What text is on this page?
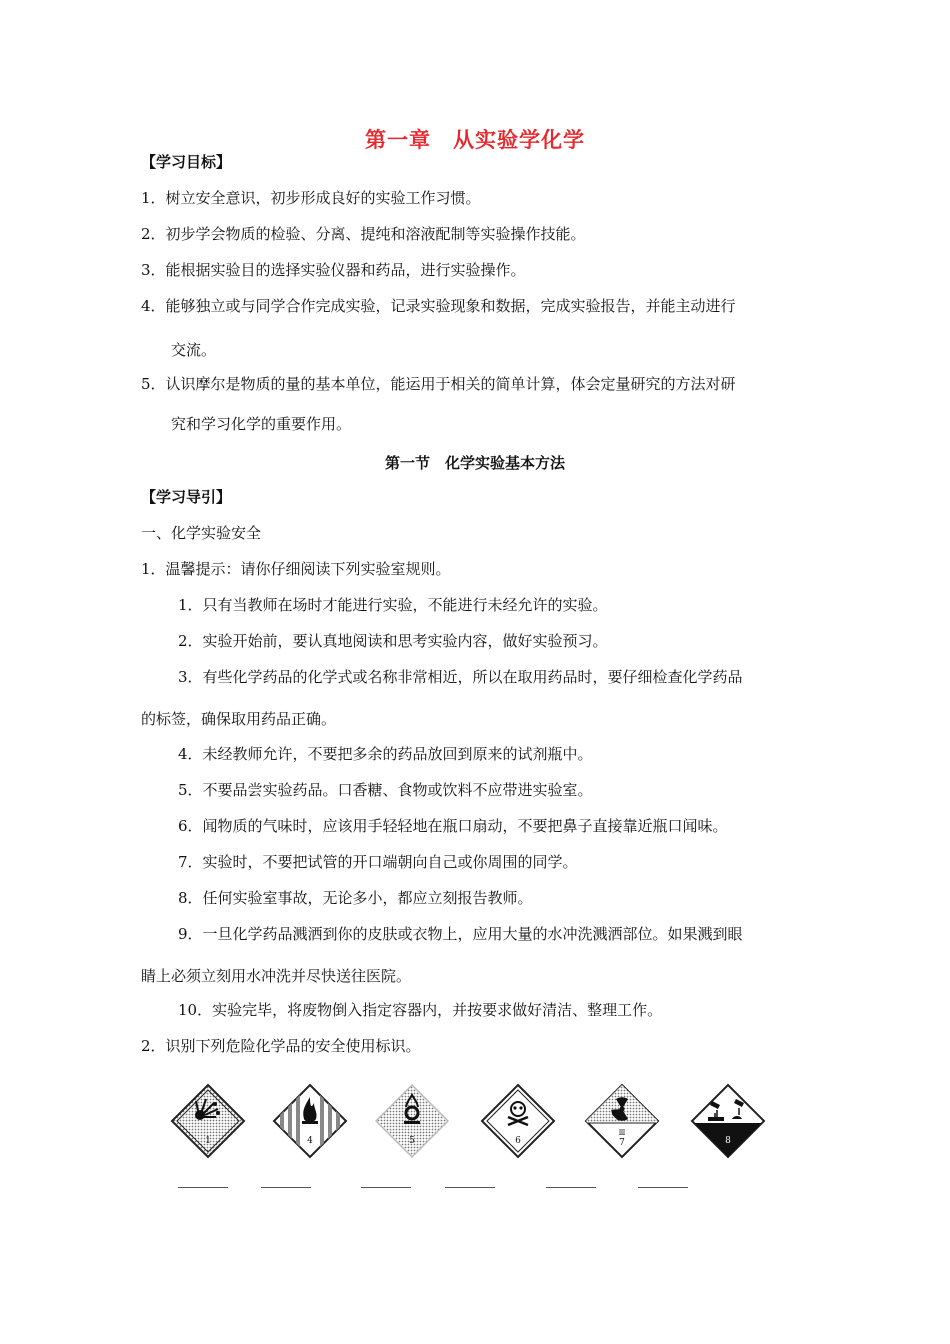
第一章　从实验学化学
【学习目标】
1．树立安全意识，初步形成良好的实验工作习惯。
2．初步学会物质的检验、分离、提纯和溶液配制等实验操作技能。
3．能根据实验目的选择实验仪器和药品，进行实验操作。
4．能够独立或与同学合作完成实验，记录实验现象和数据，完成实验报告，并能主动进行
交流。
5．认识摩尔是物质的量的基本单位，能运用于相关的简单计算，体会定量研究的方法对研
究和学习化学的重要作用。
第一节　化学实验基本方法
【学习导引】
一、化学实验安全
1．温馨提示：请你仔细阅读下列实验室规则。
1．只有当教师在场时才能进行实验，不能进行未经允许的实验。
2．实验开始前，要认真地阅读和思考实验内容，做好实验预习。
3．有些化学药品的化学式或名称非常相近，所以在取用药品时，要仔细检查化学药品
的标签，确保取用药品正确。
4．未经教师允许，不要把多余的药品放回到原来的试剂瓶中。
5．不要品尝实验药品。口香糖、食物或饮料不应带进实验室。
6．闻物质的气味时，应该用手轻轻地在瓶口扇动，不要把鼻子直接靠近瓶口闻味。
7．实验时，不要把试管的开口端朝向自己或你周围的同学。
8．任何实验室事故，无论多小，都应立刻报告教师。
9．一旦化学药品溅洒到你的皮肤或衣物上，应用大量的水冲洗溅洒部位。如果溅到眼
睛上必须立刻用水冲洗并尽快送往医院。
10．实验完毕，将废物倒入指定容器内，并按要求做好清洁、整理工作。
2．识别下列危险化学品的安全使用标识。
1	4	5	6
Ⅲ
7	8
